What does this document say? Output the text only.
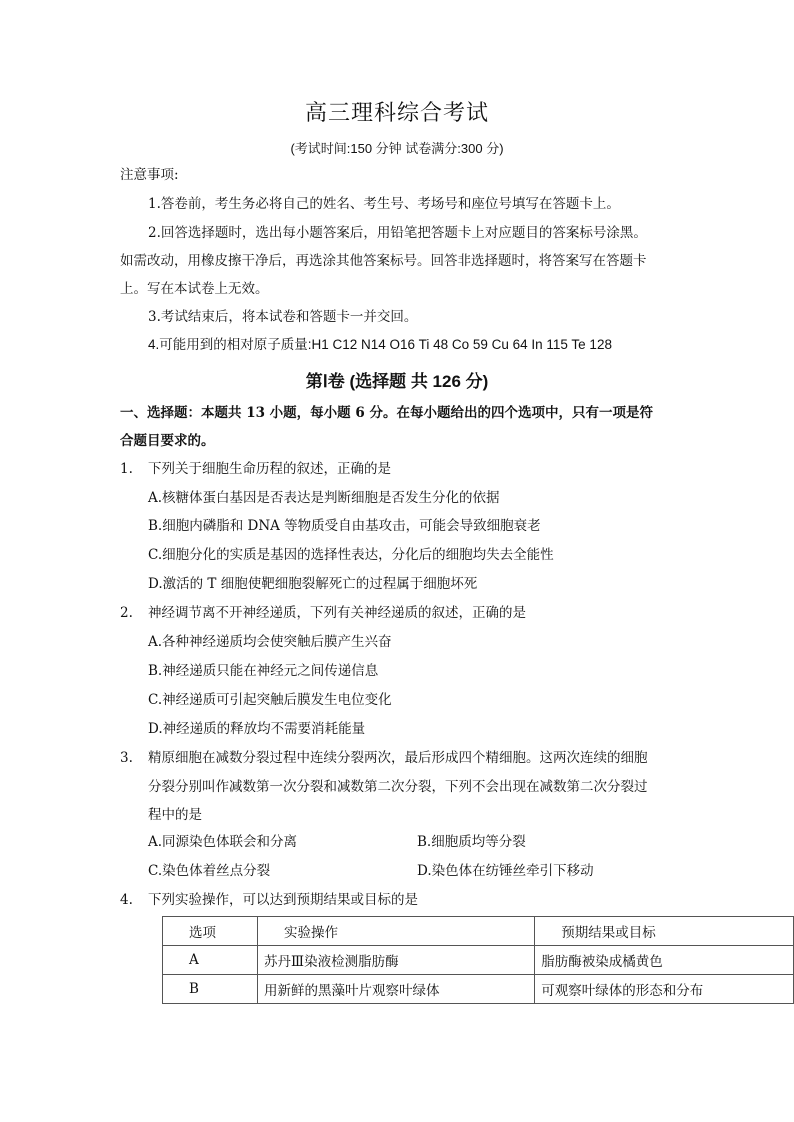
高三理科综合考试
(考试时间:150 分钟 试卷满分:300 分)
注意事项:
1.答卷前，考生务必将自己的姓名、考生号、考场号和座位号填写在答题卡上。
2.回答选择题时，选出每小题答案后，用铅笔把答题卡上对应题目的答案标号涂黑。
如需改动，用橡皮擦干净后，再选涂其他答案标号。回答非选择题时，将答案写在答题卡
上。写在本试卷上无效。
3.考试结束后，将本试卷和答题卡一并交回。
4.可能用到的相对原子质量:H1 C12 N14 O16 Ti 48 Co 59 Cu 64 In 115 Te 128
第Ⅰ卷 (选择题 共 126 分)
一、选择题：本题共 13 小题，每小题 6 分。在每小题给出的四个选项中，只有一项是符
合题目要求的。
1. 下列关于细胞生命历程的叙述，正确的是
A.核糖体蛋白基因是否表达是判断细胞是否发生分化的依据
B.细胞内磷脂和 DNA 等物质受自由基攻击，可能会导致细胞衰老
C.细胞分化的实质是基因的选择性表达，分化后的细胞均失去全能性
D.激活的 T 细胞使靶细胞裂解死亡的过程属于细胞坏死
2. 神经调节离不开神经递质，下列有关神经递质的叙述，正确的是
A.各种神经递质均会使突触后膜产生兴奋
B.神经递质只能在神经元之间传递信息
C.神经递质可引起突触后膜发生电位变化
D.神经递质的释放均不需要消耗能量
3. 精原细胞在减数分裂过程中连续分裂两次，最后形成四个精细胞。这两次连续的细胞
分裂分别叫作减数第一次分裂和减数第二次分裂，下列不会出现在减数第二次分裂过
程中的是
A.同源染色体联会和分离	B.细胞质均等分裂
C.染色体着丝点分裂	D.染色体在纺锤丝牵引下移动
4. 下列实验操作，可以达到预期结果或目标的是
选项	实验操作	预期结果或目标
A	苏丹Ⅲ染液检测脂肪酶	脂肪酶被染成橘黄色
B	用新鲜的黑藻叶片观察叶绿体	可观察叶绿体的形态和分布
